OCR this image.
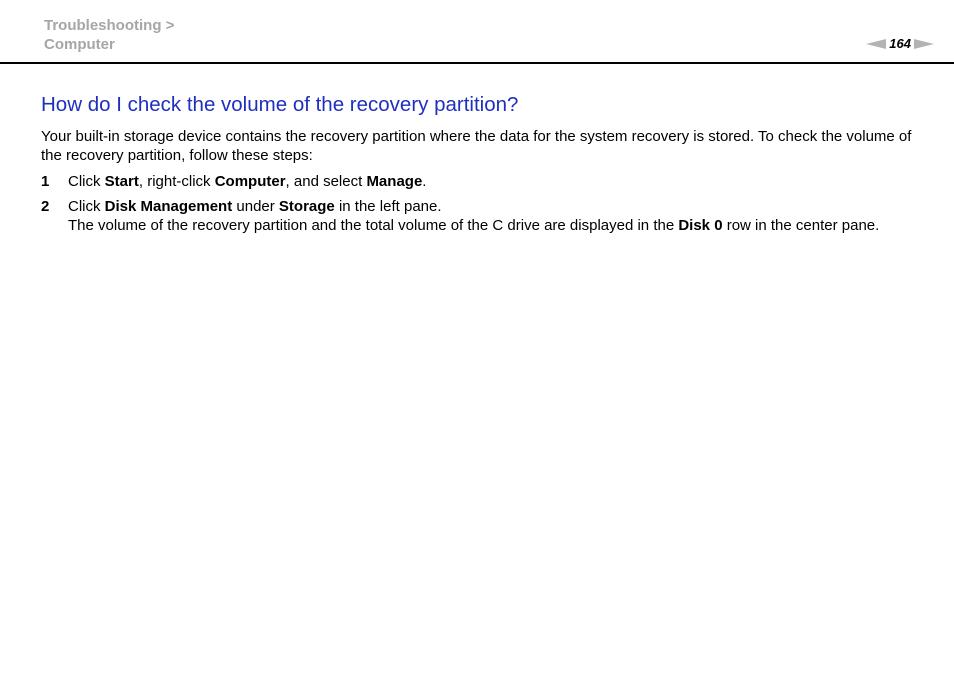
Troubleshooting >
Computer	164
How do I check the volume of the recovery partition?

Your built-in storage device contains the recovery partition where the data for the system recovery is stored. To check the volume of the recovery partition, follow these steps:

1	Click Start, right-click Computer, and select Manage.
2	Click Disk Management under Storage in the left pane.
The volume of the recovery partition and the total volume of the C drive are displayed in the Disk 0 row in the center pane.
